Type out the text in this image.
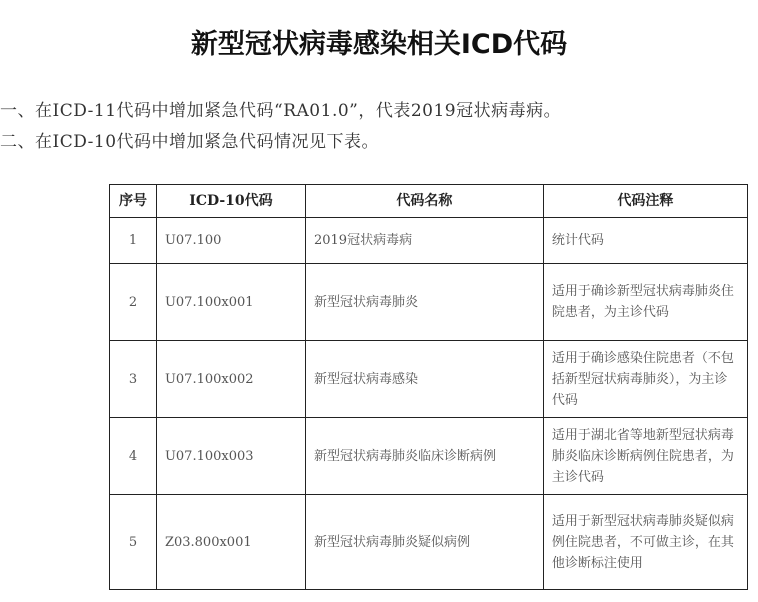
新型冠状病毒感染相关ICD代码
一、在ICD-11代码中增加紧急代码“RA01.0”，代表2019冠状病毒病。
二、在ICD-10代码中增加紧急代码情况见下表。
序号	ICD-10代码	代码名称	代码注释
1	U07.100	2019冠状病毒病	统计代码
2	U07.100x001	新型冠状病毒肺炎	适用于确诊新型冠状病毒肺炎住院患者，为主诊代码
3	U07.100x002	新型冠状病毒感染	适用于确诊感染住院患者（不包括新型冠状病毒肺炎），为主诊代码
4	U07.100x003	新型冠状病毒肺炎临床诊断病例	适用于湖北省等地新型冠状病毒肺炎临床诊断病例住院患者，为主诊代码
5	Z03.800x001	新型冠状病毒肺炎疑似病例	适用于新型冠状病毒肺炎疑似病例住院患者，不可做主诊，在其他诊断标注使用
